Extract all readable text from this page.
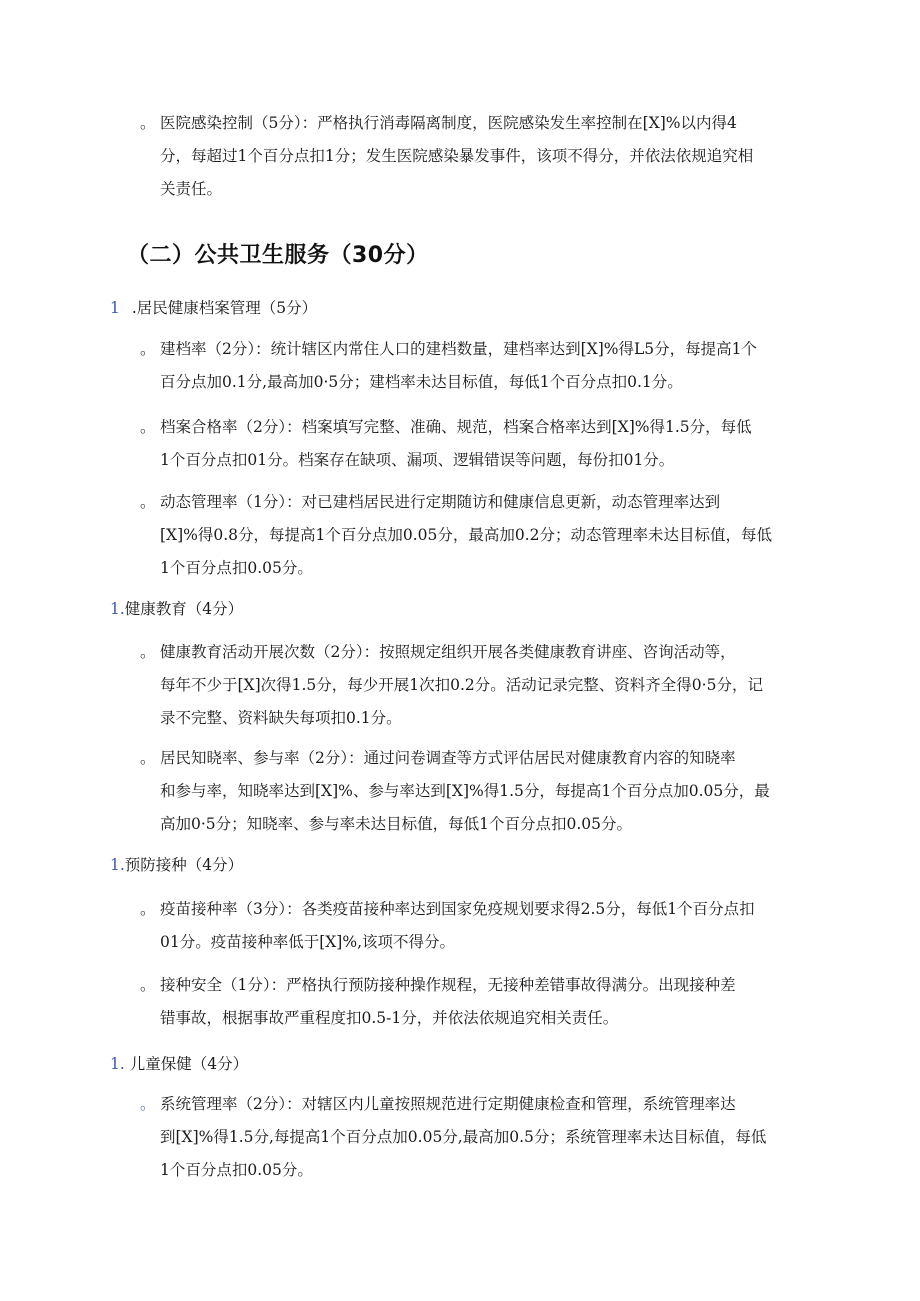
。 医院感染控制（5分）：严格执行消毒隔离制度，医院感染发生率控制在[X]%以内得4
分，每超过1个百分点扣1分；发生医院感染暴发事件，该项不得分，并依法依规追究相
关责任。
（二）公共卫生服务（30分）
1 .居民健康档案管理（5分）
。 建档率（2分）：统计辖区内常住人口的建档数量，建档率达到[X]%得L5分，每提高1个
百分点加0.1分,最高加0·5分；建档率未达目标值，每低1个百分点扣0.1分。
。 档案合格率（2分）：档案填写完整、准确、规范，档案合格率达到[X]%得1.5分，每低
1个百分点扣01分。档案存在缺项、漏项、逻辑错误等问题，每份扣01分。
。 动态管理率（1分）：对已建档居民进行定期随访和健康信息更新，动态管理率达到
[X]%得0.8分，每提高1个百分点加0.05分，最高加0.2分；动态管理率未达目标值，每低
1个百分点扣0.05分。
1.健康教育（4分）
。 健康教育活动开展次数（2分）：按照规定组织开展各类健康教育讲座、咨询活动等，
每年不少于[X]次得1.5分，每少开展1次扣0.2分。活动记录完整、资料齐全得0·5分，记
录不完整、资料缺失每项扣0.1分。
。 居民知晓率、参与率（2分）：通过问卷调查等方式评估居民对健康教育内容的知晓率
和参与率，知晓率达到[X]%、参与率达到[X]%得1.5分，每提高1个百分点加0.05分，最
高加0·5分；知晓率、参与率未达目标值，每低1个百分点扣0.05分。
1.预防接种（4分）
。 疫苗接种率（3分）：各类疫苗接种率达到国家免疫规划要求得2.5分，每低1个百分点扣
01分。疫苗接种率低于[X]%,该项不得分。
。 接种安全（1分）：严格执行预防接种操作规程，无接种差错事故得满分。出现接种差
错事故，根据事故严重程度扣0.5-1分，并依法依规追究相关责任。
1. 儿童保健（4分）
。 系统管理率（2分）：对辖区内儿童按照规范进行定期健康检查和管理，系统管理率达
到[X]%得1.5分,每提高1个百分点加0.05分,最高加0.5分；系统管理率未达目标值，每低
1个百分点扣0.05分。
